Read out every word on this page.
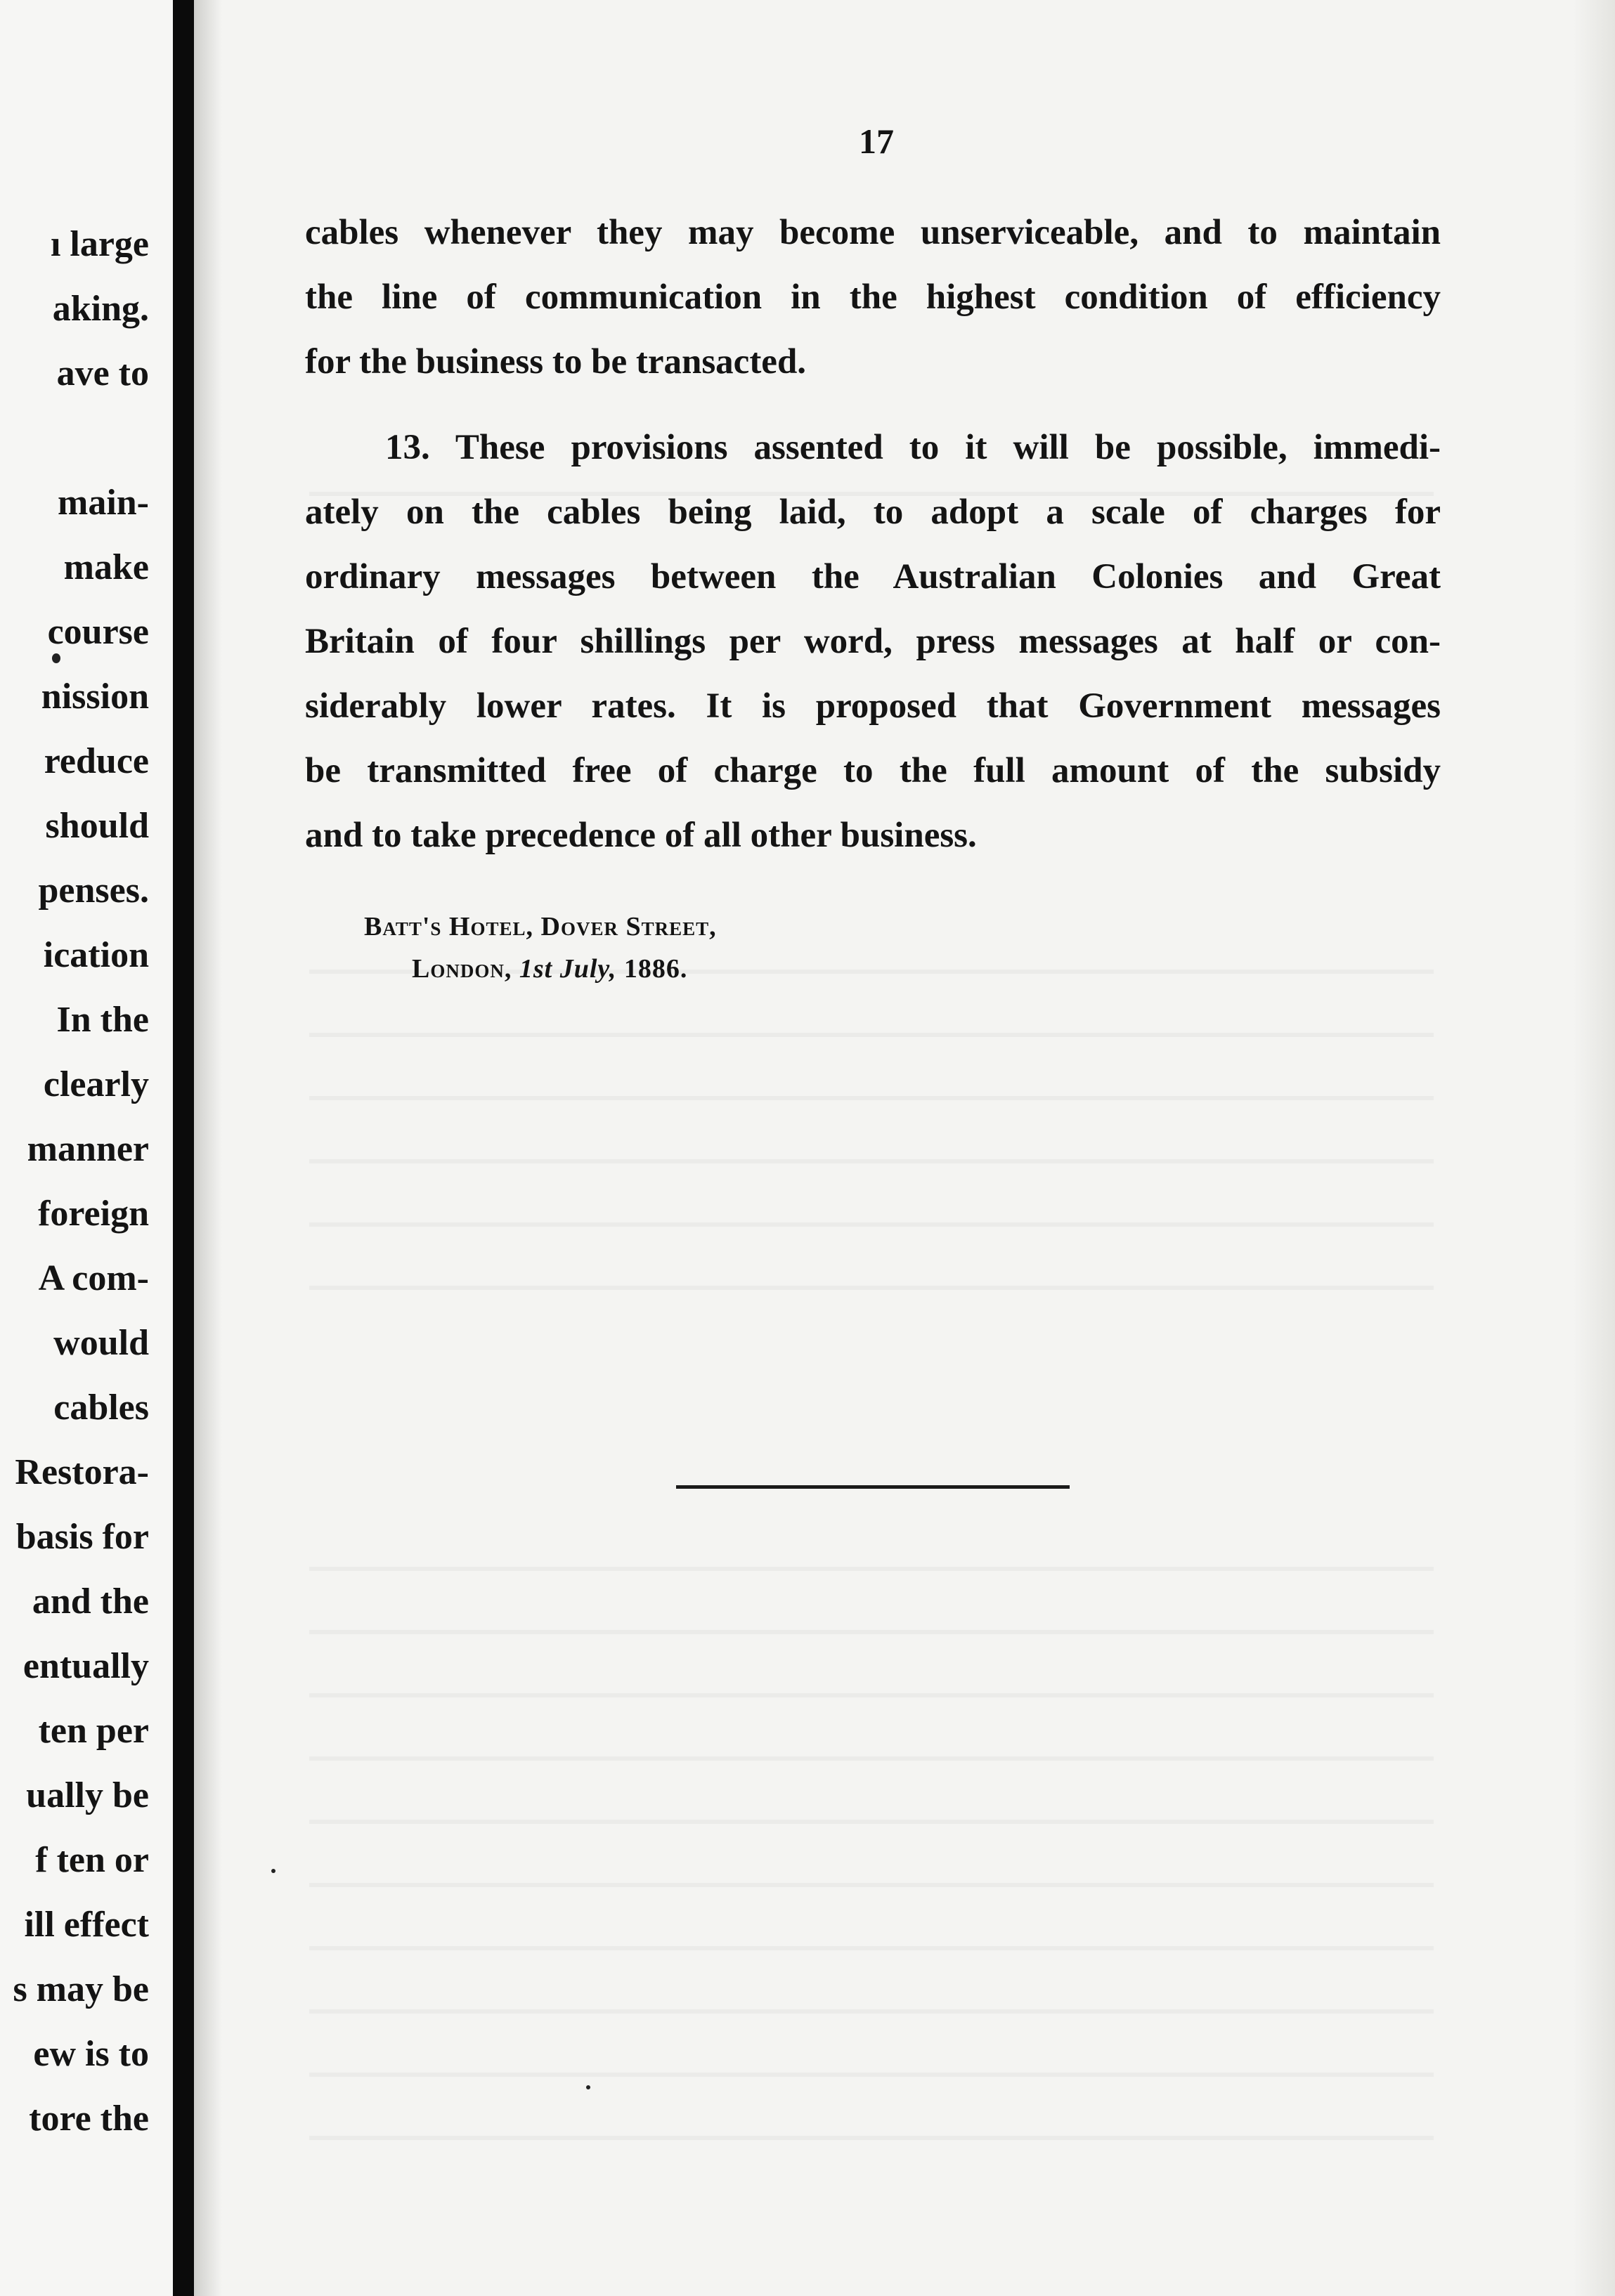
ı large
aking.
ave to
main-
make
course
nission
reduce
should
penses.
ication
In the
clearly
manner
foreign
A com-
would
cables
Restora-
basis for
and the
entually
ten per
ually be
f ten or
ill effect
s may be
ew is to
tore the
17
cables whenever they may become unserviceable, and to maintain
the line of communication in the highest condition of efficiency
for the business to be transacted.
13. These provisions assented to it will be possible, immedi-
ately on the cables being laid, to adopt a scale of charges for
ordinary messages between the Australian Colonies and Great
Britain of four shillings per word, press messages at half or con-
siderably lower rates. It is proposed that Government messages
be transmitted free of charge to the full amount of the subsidy
and to take precedence of all other business.
Batt's Hotel, Dover Street,
London, 1st July, 1886.
